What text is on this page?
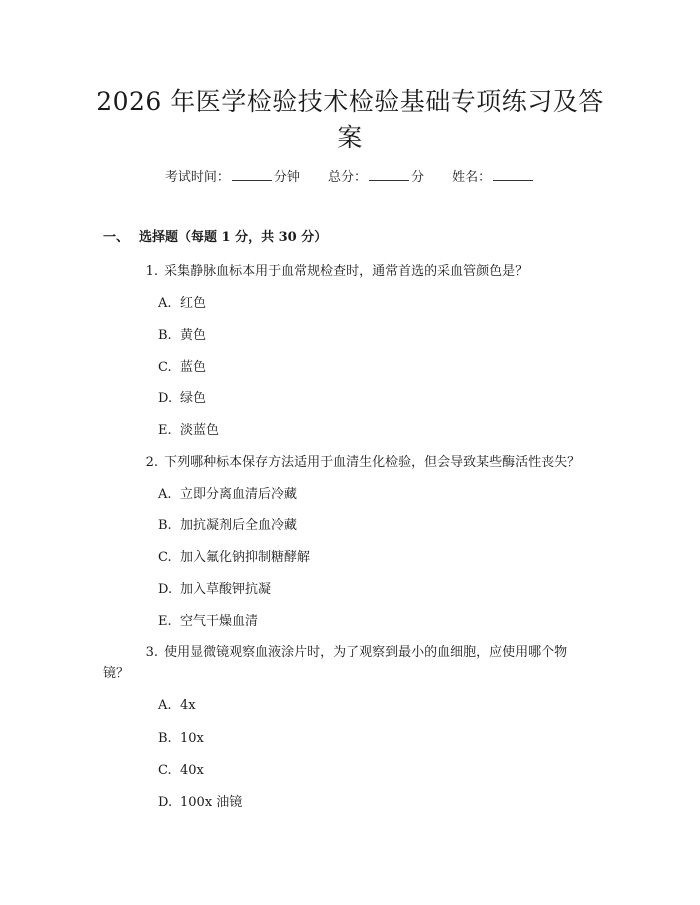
2026 年医学检验技术检验基础专项练习及答案
考试时间：	分钟 总分：	分 姓名：
一、 选择题（每题 1 分，共 30 分）
1. 采集静脉血标本用于血常规检查时，通常首选的采血管颜色是？
A. 红色
B. 黄色
C. 蓝色
D. 绿色
E. 淡蓝色
2. 下列哪种标本保存方法适用于血清生化检验，但会导致某些酶活性丧失？
A. 立即分离血清后冷藏
B. 加抗凝剂后全血冷藏
C. 加入氟化钠抑制糖酵解
D. 加入草酸钾抗凝
E. 空气干燥血清
3. 使用显微镜观察血液涂片时，为了观察到最小的血细胞，应使用哪个物
镜？
A. 4x
B. 10x
C. 40x
D. 100x 油镜
